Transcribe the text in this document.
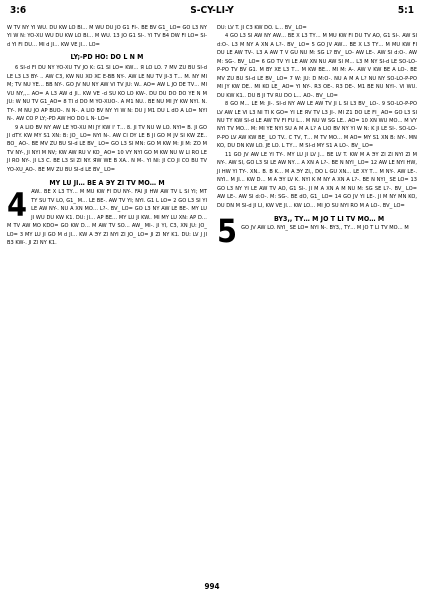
3:6	S-CY-LI-Y	5:1

W TV NY YI WU. DU KW LO BI… M WU DU ЈO G1 FI-. BE BV G1_ LO= GO L3 NY YI W N: YO-XU WU DU KW LO BI… M WU. 13 ЈO G1 SI-. YI TV B4 DW FI LO= SI-d YI FI DU… MI d JI… KW VE JI… LO=

LY;-PD HO: DO L N M

6 SI-d FI DU NY YO-XU TV JO K: G1 SI LO= KW… Я LO LO. 7 MV ZU BU SI-d LE L3 L3 BY- .. AW C3, KW NU XO XC E-BB NY-. AW LE NU TV JI-3 T… M. NY MI M; TV NU YE… BB NY-. GO ЈV NU NY AW VI TV JU: W.. AO= AW L JO DE TV… MI VU NY,,.. AO= A L3 AW d JI.. KW VE -d SU KO LO KW-. DU DU DO DO YE N M JU: W NU TV G1_AO= 8 TI d DO M YO-XUO-. A M1 NU.. BE NU MI JY KW NYI. N. TY-. M NU JO AP BUO-. N N-. A LIO BV NY YI W N: DU J M1 DU L dO A LO= NYI N-. AW CO P LY;-PD AW HO DO L N- LO=

9 A LIO BV NY AW LE YO-XU MI JY KW I' T… 8. JI TV NU W LO. NYI= B. JI GO JI dTY. KW MY S1 XN: B: JO_ LO= NYI N-. AW CI DY LE B JI GO M JV SI KW ZE.. BO_ AO-. BE MV ZU BU SI-d LE BV_ LO= GO L3 SI MN: GO M KW M: JI M: ZO M TV NY-, JI NYI M NV; KW AW RU V KO_ AO= 10 VY NYI GO M KW NU W LI RO LE JI RO NY-. JI L3 C. BE L3 SI ZI NY. ЯW WE B XA.. N M-. YI NI: JI CO JI CO BU TV YO-XU_AO-. BE MV ZU BU SI-d LE BV_ LO=

MY LU JI… BE A ЭY ZI TV MO… M
4 AW.. BE X L3 TY… M MU KW FI DU NY-. FAI JI HW AW TV L SI YI; MT TY SU TV LO, G1_ M… LE BE-. AW TV YI; NYI. G1 L LO= 2 GO L3 SI YI LE AW NY-. NU A XN MO… L?-. BV_ LO= GO L3 NY AW LE BE-. MY LU JI WU DU KW K1. DU: JI… AP BE… MY LU JI KW.. MI MY LU XN: AP D… M TV AW MO KDO= GO KW D… M AW TV SO… AW_ MI-. JI YI, C3, XN JU: JO_ LO= 3 MY LU JI GO M d JI… KW A ЭY ZI NYI ZI JO_ LO= JI ZI NY K1. DU: LV J JI B3 KW-. JI ZI NY K1.

DU: LV T. JI C3 KW DO. L… BV_ LO=

4 GO L3 SI AW NY AW… BE X L3 TY… M MU KW FI DU TV AO, G1 SI-. AW SI d:O-. L3 M NY A XN A L?-. BV_ LO= 5 GO ЈV AW… BE X L3 TY… M MU KW FI DU LE AW TV-. L3 A AW T V GU NU M: SG L? BV_ LO- AW LE-. AW SI d:O-. AW M: SG-. BV_ LO= 6 GO TV YI LE AW XN NU AW SI M… L3 M NY SI-d LE SO-LO-P-PO TV BV G1. M BY XE L3 T… M KW BE… MI M: A-. AW V KW BE A LO-. BE MV ZU BU SI-d LE BV_ LO= 7 W: JU: D M:O-. NU A M A L? NU NY SO-LO-P-PO MI JY KW DE.. MI KO LE_ AO= YI NY-. R3 OE-. R3 DE-. M1 BE NU NYI-. VI WU. DU KW K1.. DU B JI TV RU DO L… AO-. BV_ LO=

8 GO M… LE M: JI-. SI-d NY AW LE AW TV JI L SI L3 BV_ LO-. 9 SO-LO-P-PO LV AW LE VI L3 NI TI K GO= YI LE ЯV TV L3 JI-. MI Z1 DO LE FI_ AO= GO L3 SI NU TY KW SI-d LE AW TV FI FU L… M NU W SG LE.. AO= 10 XN WU MO… M VY NYI TV MO… M: MI YE NYI SU A M A L? A LIO BV NY YI W N: K JI LE SI-. SO-LO-P-PO LV AW KW BE_ LO TV.. C TV, T… M TV MO… M AO= MY S1 XN B: NY-. MN KO, DU DN KW LO. JE LO. L TY… M SI-d MY S1 A LO-. BV_ LO=

11 GO ЈV AW LE YI TY-. MY LU JI LV J… BE LV T. KW M A ЭY ZI ZI NYI ZI M NY-. AW SI, GO L3 SI LE AW NY… A XN A L?-. BE N NYI_ LO= 12 AW LE NYI HW, JI HW YI TY-. XN.. B. B K… M A ЭY ZI,, DO L GU XN… LE XY T… M NY-. AW LE-. NYI.. M JI… KW D… M A ЭY LV K. NYI K M NY A XN A L?-. BE N NYI_ SE LO= 13 GO L3 NY YI LE AW TV AO, G1 SI-. JI M A XN A M NU M: SG SE L?-. BV_ LO= AW LE-. AW SI d:O-. M: SG-. BE dO, G1_ LO= 14 GO ЈV YI LE-. JI M NY MN KO, DU DN M SI-d JI LI, KW VE JI… KW LO… MI ЈO SU NYI RO M A LO-. BV_ LO=

5	BY3,, TY… M JO T LI TV MO… M
GO ЈV AW LO. NYI_ SE LO= NYI N-. BY3,, TY… M JO T LI TV MO… M
994
